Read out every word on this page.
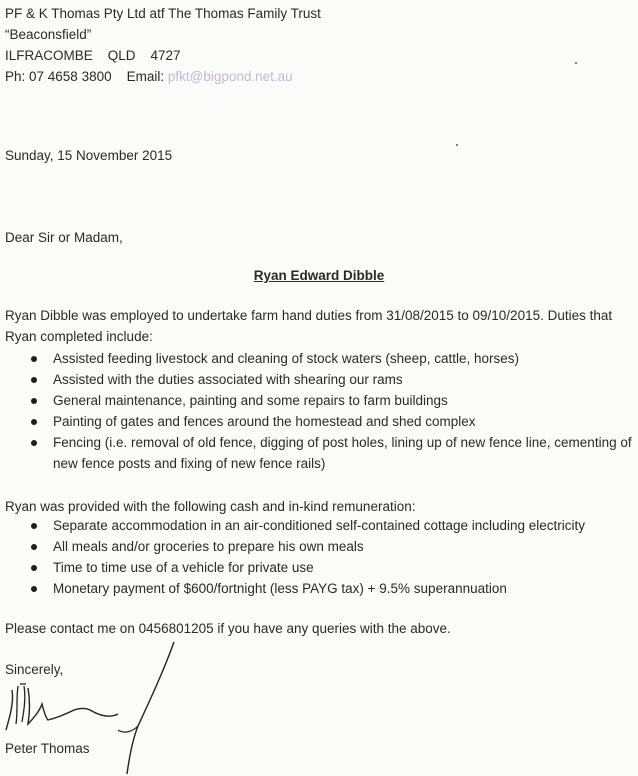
PF & K Thomas Pty Ltd atf The Thomas Family Trust
“Beaconsfield”
ILFRACOMBE    QLD    4727
Ph: 07 4658 3800    Email: pfkt@bigpond.net.au
Sunday, 15 November 2015
Dear Sir or Madam,
Ryan Edward Dibble
Ryan Dibble was employed to undertake farm hand duties from 31/08/2015 to 09/10/2015. Duties that Ryan completed include:
Assisted feeding livestock and cleaning of stock waters (sheep, cattle, horses)
Assisted with the duties associated with shearing our rams
General maintenance, painting and some repairs to farm buildings
Painting of gates and fences around the homestead and shed complex
Fencing (i.e. removal of old fence, digging of post holes, lining up of new fence line, cementing of new fence posts and fixing of new fence rails)
Ryan was provided with the following cash and in-kind remuneration:
Separate accommodation in an air-conditioned self-contained cottage including electricity
All meals and/or groceries to prepare his own meals
Time to time use of a vehicle for private use
Monetary payment of $600/fortnight (less PAYG tax) + 9.5% superannuation
Please contact me on 0456801205 if you have any queries with the above.
Sincerely,
Peter Thomas
